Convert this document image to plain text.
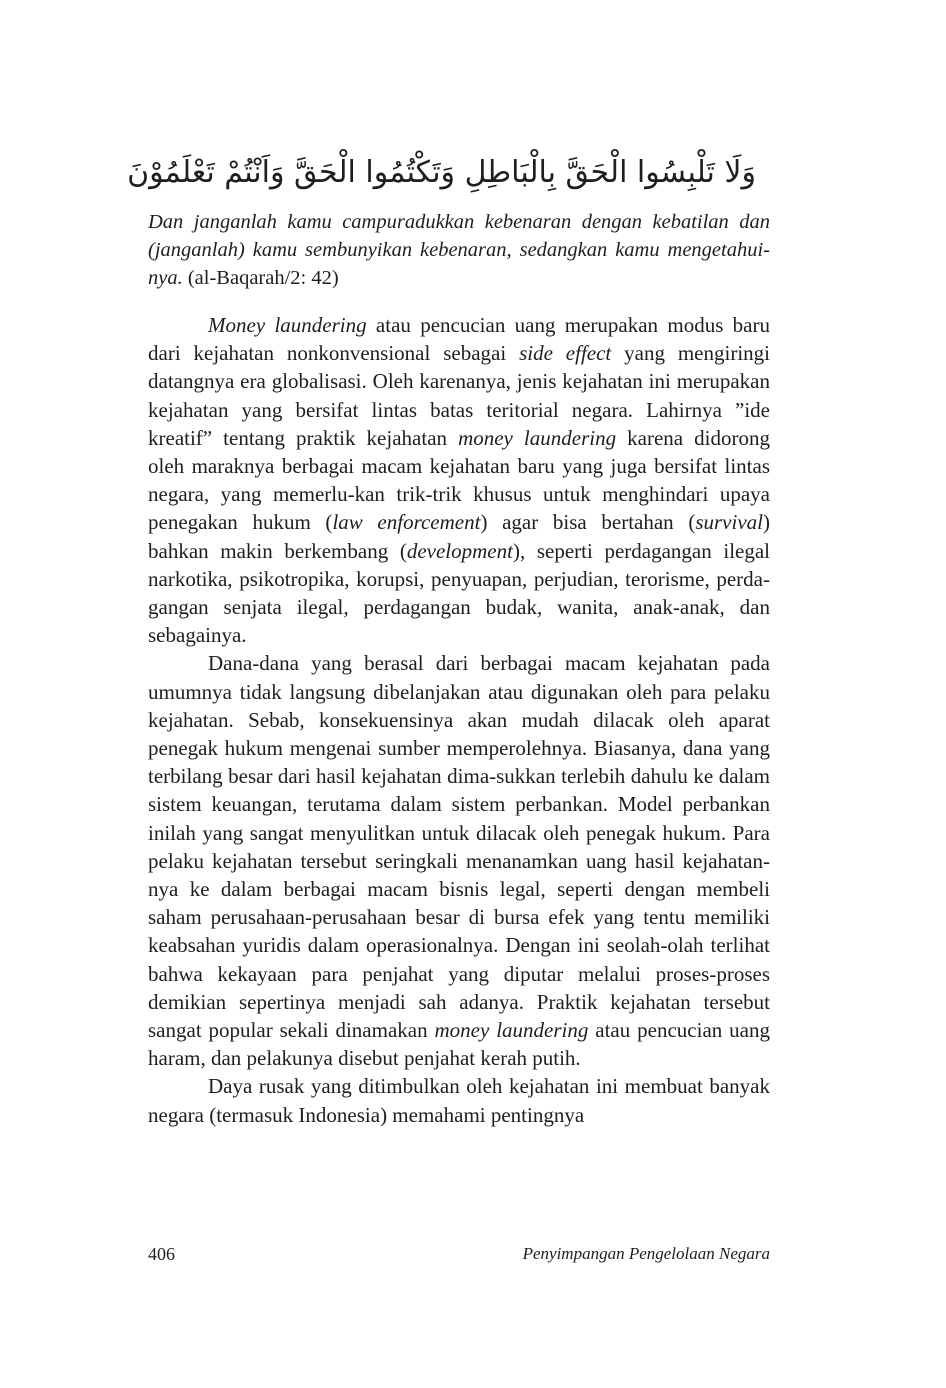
وَلَا تَلْبِسُوا الْحَقَّ بِالْبَاطِلِ وَتَكْتُمُوا الْحَقَّ وَاَنْتُمْ تَعْلَمُوْنَ

Dan janganlah kamu campuradukkan kebenaran dengan kebatilan dan (janganlah) kamu sembunyikan kebenaran, sedangkan kamu mengetahui-nya. (al-Baqarah/2: 42)

Money laundering atau pencucian uang merupakan modus baru dari kejahatan nonkonvensional sebagai side effect yang mengiringi datangnya era globalisasi. Oleh karenanya, jenis kejahatan ini merupakan kejahatan yang bersifat lintas batas teritorial negara. Lahirnya ”ide kreatif” tentang praktik kejahatan money laundering karena didorong oleh maraknya berbagai macam kejahatan baru yang juga bersifat lintas negara, yang memerlu-kan trik-trik khusus untuk menghindari upaya penegakan hukum (law enforcement) agar bisa bertahan (survival) bahkan makin berkembang (development), seperti perdagangan ilegal narkotika, psikotropika, korupsi, penyuapan, perjudian, terorisme, perda-gangan senjata ilegal, perdagangan budak, wanita, anak-anak, dan sebagainya.

Dana-dana yang berasal dari berbagai macam kejahatan pada umumnya tidak langsung dibelanjakan atau digunakan oleh para pelaku kejahatan. Sebab, konsekuensinya akan mudah dilacak oleh aparat penegak hukum mengenai sumber memperolehnya. Biasanya, dana yang terbilang besar dari hasil kejahatan dima-sukkan terlebih dahulu ke dalam sistem keuangan, terutama dalam sistem perbankan. Model perbankan inilah yang sangat menyulitkan untuk dilacak oleh penegak hukum. Para pelaku kejahatan tersebut seringkali menanamkan uang hasil kejahatan-nya ke dalam berbagai macam bisnis legal, seperti dengan membeli saham perusahaan-perusahaan besar di bursa efek yang tentu memiliki keabsahan yuridis dalam operasionalnya. Dengan ini seolah-olah terlihat bahwa kekayaan para penjahat yang diputar melalui proses-proses demikian sepertinya menjadi sah adanya. Praktik kejahatan tersebut sangat popular sekali dinamakan money laundering atau pencucian uang haram, dan pelakunya disebut penjahat kerah putih.

Daya rusak yang ditimbulkan oleh kejahatan ini membuat banyak negara (termasuk Indonesia) memahami pentingnya

406	Penyimpangan Pengelolaan Negara
